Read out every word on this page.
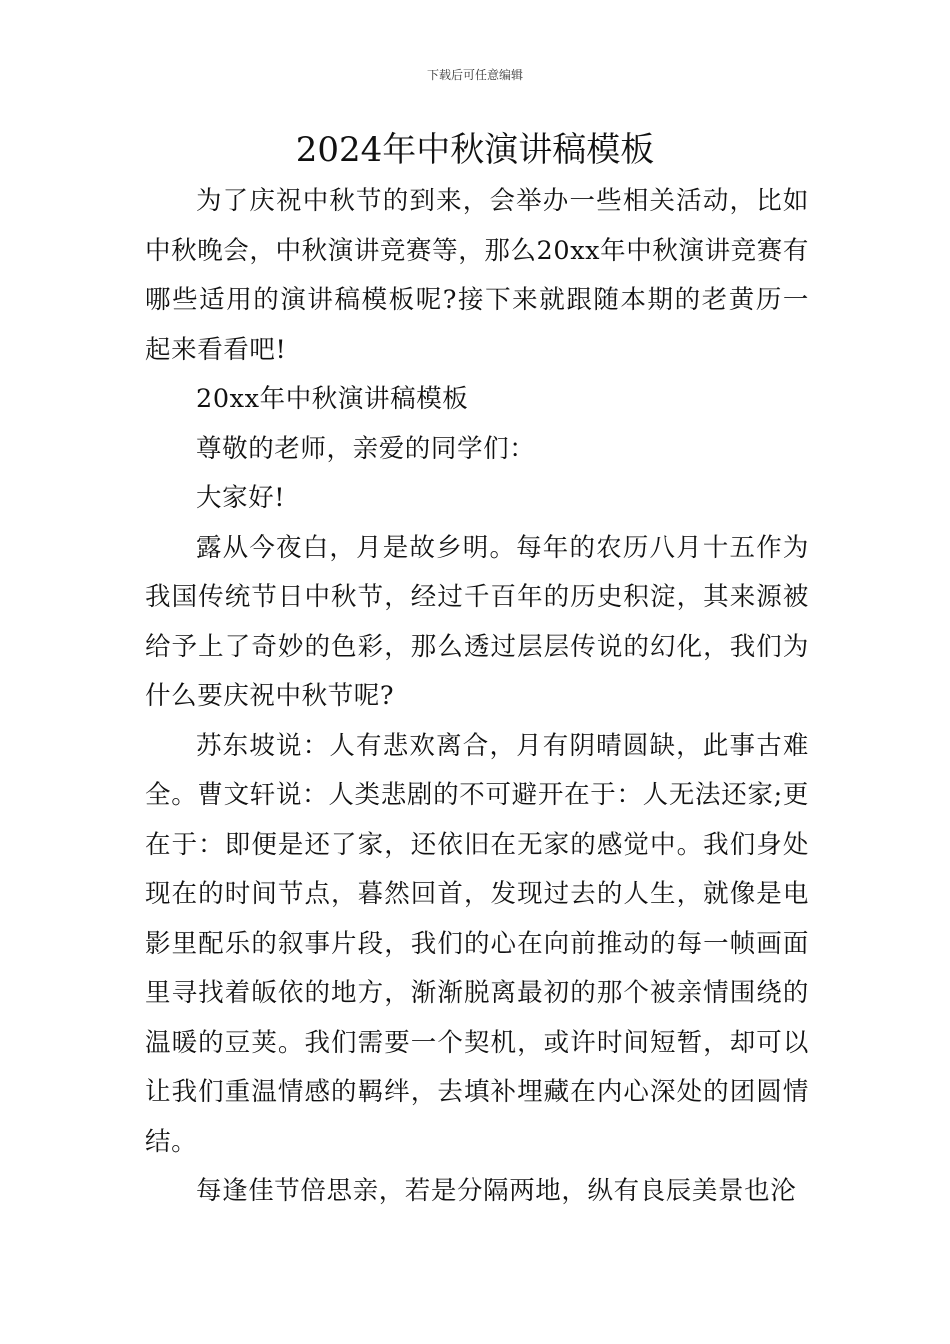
下载后可任意编辑
2024年中秋演讲稿模板

为了庆祝中秋节的到来，会举办一些相关活动，比如中秋晚会，中秋演讲竞赛等，那么20xx年中秋演讲竞赛有哪些适用的演讲稿模板呢?接下来就跟随本期的老黄历一起来看看吧!

20xx年中秋演讲稿模板

尊敬的老师，亲爱的同学们：

大家好!

露从今夜白，月是故乡明。每年的农历八月十五作为我国传统节日中秋节，经过千百年的历史积淀，其来源被给予上了奇妙的色彩，那么透过层层传说的幻化，我们为什么要庆祝中秋节呢?

苏东坡说：人有悲欢离合，月有阴晴圆缺，此事古难全。曹文轩说：人类悲剧的不可避开在于：人无法还家;更在于：即便是还了家，还依旧在无家的感觉中。我们身处现在的时间节点，暮然回首，发现过去的人生，就像是电影里配乐的叙事片段，我们的心在向前推动的每一帧画面里寻找着皈依的地方，渐渐脱离最初的那个被亲情围绕的温暖的豆荚。我们需要一个契机，或许时间短暂，却可以让我们重温情感的羁绊，去填补埋藏在内心深处的团圆情结。

每逢佳节倍思亲，若是分隔两地，纵有良辰美景也沦
